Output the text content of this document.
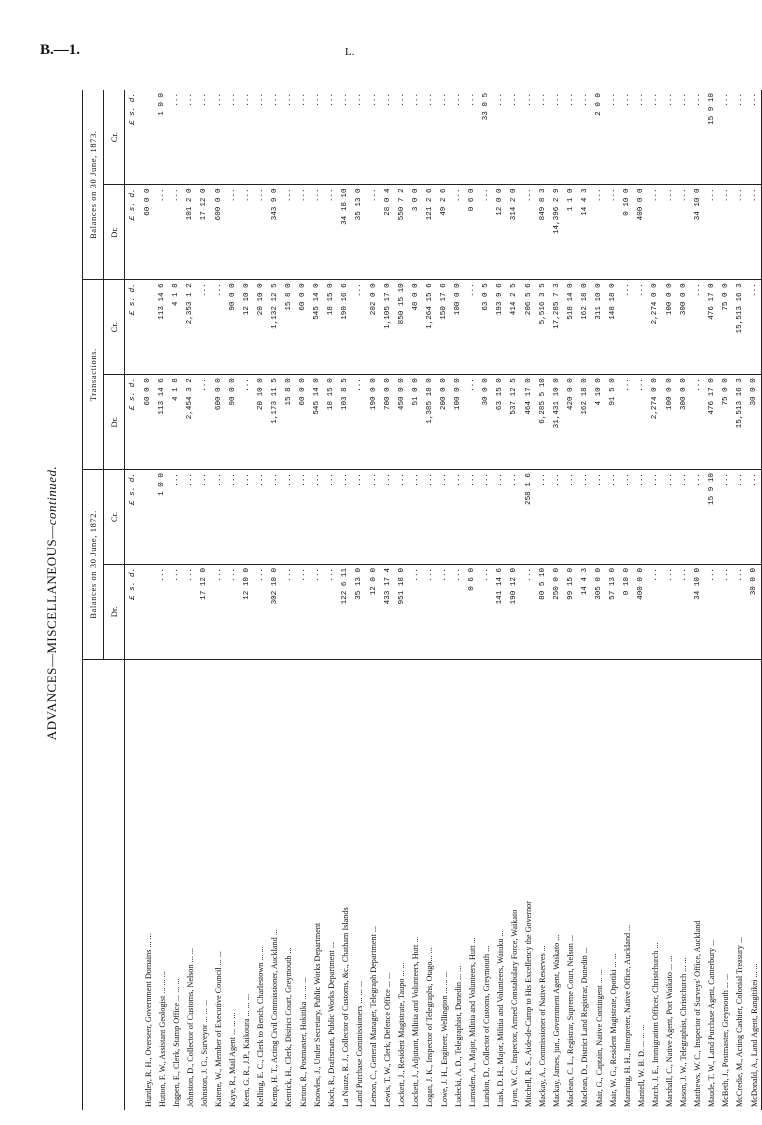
B.—1.	L.
ADVANCES—MISCELLANEOUS—continued.
	Balances on 30 June, 1872.		Transactions.		Balances on 30 June, 1873.	
	Dr.	Cr.	Dr.	Cr.	Dr.	Cr.
	£ s. d.	£ s. d.	£ s. d.	£ s. d.	£ s. d.	£ s. d.
Huntley, R. H., Overseer, Government Domains ... ...			60 0 0		60 0 0	
Hutton, F. W., Assistant Geologist ... ... ...	...	1 0 0	113 14 6	113 14 6	...	1 0 0
Ingpen, E., Clerk, Stamp Office ... ... ...	...	...	4 1 8	4 1 8	...	...
Johnston, D., Collector of Customs, Nelson ... ...	...	...	2,454 3 2	2,353 1 2	101 2 0	...
Johnston, J. G., Surveyor ... ... ...	17 12 0	...	...	...	17 12 0	...
Katene, W., Member of Executive Council ... ...	...	...	600 0 0	...	600 0 0	...
Kaye, R., Mail Agent ... ... ...	...	...	90 0 0	90 0 0	...	...
Keen, G. R., J.P., Kaikoura ... ... ...	12 10 0	...	...	12 10 0	...	...
Kelling, E. C., Clerk to Bench, Charlestown ... ...	...	...	20 10 0	20 10 0	...	...
Kemp, H. T., Acting Civil Commissioner, Auckland ...	302 10 0	...	1,173 11 5	1,132 12 5	343 9 0	...
Kenrick, H., Clerk, District Court, Greymouth ...	...	...	15 8 0	15 8 0	...	...
Kirton, R., Postmaster, Hokitika ... ... ...	...	...	60 0 0	60 0 0	...	...
Knowles, J., Under Secretary, Public Works Department	...	...	545 14 0	545 14 0	...	...
Koch, R., Draftsman, Public Works Department ...	...	...	18 15 0	18 15 0	...	...
La Nauze, R. J., Collector of Customs, &c., Chatham Islands	122 6 11	...	103 8 5	190 16 6	34 18 10	...
Land Purchase Commissioners ... ... ...	35 13 0	...	...	...	35 13 0	...
Lemon, C., General Manager, Telegraph Department ...	12 0 0	...	190 0 0	202 0 0	...	...
Lewis, T. W., Clerk, Defence Office ... ...	433 17 4	...	700 0 0	1,105 17 0	28 0 4	...
Lockett, J., Resident Magistrate, Taupo ... ...	951 18 0	...	450 0 0	850 15 10	550 7 2	...
Lockett, J., Adjutant, Militia and Volunteers, Hutt ...	...	...	51 0 0	48 0 0	3 0 0	...
Logan, J. K., Inspector of Telegraphs, Otago... ...	...	...	1,385 18 0	1,264 15 6	121 2 6	...
Lowe, J. H., Engineer, Wellington ... ... ...	...	...	200 0 0	150 17 6	49 2 6	...
Ludecki, A. D., Telegraphist, Dunedin ... ...	...	...	100 0 0	100 0 0	...	...
Lumsden, A., Major, Militia and Volunteers, Hutt ...	0 6 0	...	...	...	0 6 0	...
Lundon, D., Collector of Customs, Greymouth ...	...	...	30 0 0	63 0 5	...	33 0 5
Lusk, D. H., Major, Militia and Volunteers, Waiuku ...	141 14 6	...	63 15 0	193 9 6	12 0 0	...
Lyon, W. C., Inspector, Armed Constabulary Force, Waikato	190 12 0	...	537 12 5	414 2 5	314 2 0	...
Mitchell, R. S., Aide-de-Camp to His Excellency the Governor	...	258 1 6	464 17 0	206 5 6	...	...
Mackay, A., Commissioner of Native Reserves ...	80 5 10	...	6,285 5 10	5,516 3 5	849 8 3	...
Mackay, James, jun., Government Agent, Waikato ...	250 0 0	...	31,431 10 0	17,285 7 3	14,396 2 9	...
Maclean, C. L., Registrar, Supreme Court, Nelson ...	99 15 0	...	420 0 0	518 14 0	1 1 0	...
Maclean, D., District Land Registrar, Dunedin ...	14 4 3	...	162 18 0	162 18 0	14 4 3	...
Mair, G., Captain, Native Contingent ... ...	305 0 0	...	4 10 0	311 10 0	...	2 0 0
Mair, W. G., Resident Magistrate, Opotiki ... ...	57 13 0	...	91 5 0	148 18 0	...	...
Manning, H. H., Interpreter, Native Office, Auckland ...	0 10 0	...	...	...	0 10 0	...
Mantell, W. B. D. ... ... ...	400 0 0	...	...	...	400 0 0	...
March, J. E., Immigration Officer, Christchurch ...	...	...	2,274 0 0	2,274 0 0	...	...
Marshall, C., Native Agent, Port Waikato ... ...	...	...	100 0 0	100 0 0	...	...
Mason, J. W., Telegraphist, Christchurch ... ...	...	...	300 0 0	300 0 0	...	...
Matthews, W. C., Inspector of Surveys' Office, Auckland	34 10 0	...	...	...	34 10 0	...
Maude, T. W., Land Purchase Agent, Canterbury ...	...	15 9 10	476 17 0	476 17 0	...	15 9 10
McBeth, J., Postmaster, Greymouth ... ...	...	...	75 0 0	75 0 0	...	...
McCredie, M., Acting Cashier, Colonial Treasury ...	...	...	15,513 16 3	15,513 16 3	...	...
McDonald, A., Land Agent, Rangitikei ... ...	30 0 0	...	30 0 0	...	...	...
